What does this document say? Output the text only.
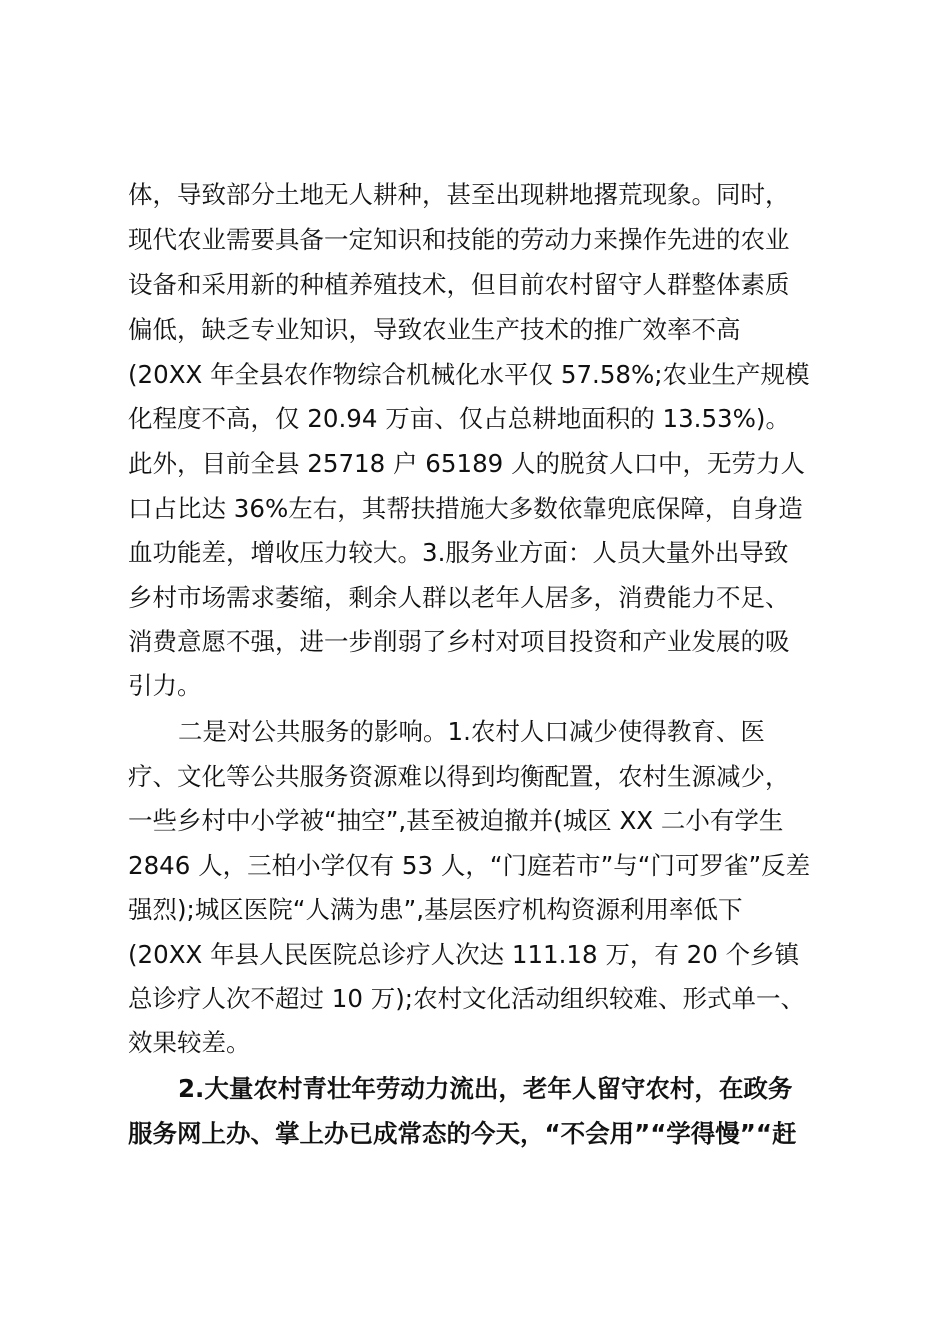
体，导致部分土地无人耕种，甚至出现耕地撂荒现象。同时，
现代农业需要具备一定知识和技能的劳动力来操作先进的农业
设备和采用新的种植养殖技术，但目前农村留守人群整体素质
偏低，缺乏专业知识，导致农业生产技术的推广效率不高
(20XX 年全县农作物综合机械化水平仅 57.58%;农业生产规模
化程度不高，仅 20.94 万亩、仅占总耕地面积的 13.53%)。
此外，目前全县 25718 户 65189 人的脱贫人口中，无劳力人
口占比达 36%左右，其帮扶措施大多数依靠兜底保障，自身造
血功能差，增收压力较大。3.服务业方面：人员大量外出导致
乡村市场需求萎缩，剩余人群以老年人居多，消费能力不足、
消费意愿不强，进一步削弱了乡村对项目投资和产业发展的吸
引力。
二是对公共服务的影响。1.农村人口减少使得教育、医
疗、文化等公共服务资源难以得到均衡配置，农村生源减少，
一些乡村中小学被“抽空”,甚至被迫撤并(城区 XX 二小有学生
2846 人，三柏小学仅有 53 人，“门庭若市”与“门可罗雀”反差
强烈);城区医院“人满为患”,基层医疗机构资源利用率低下
(20XX 年县人民医院总诊疗人次达 111.18 万，有 20 个乡镇
总诊疗人次不超过 10 万);农村文化活动组织较难、形式单一、
效果较差。
2.大量农村青壮年劳动力流出，老年人留守农村，在政务
服务网上办、掌上办已成常态的今天，“不会用”“学得慢”“赶
